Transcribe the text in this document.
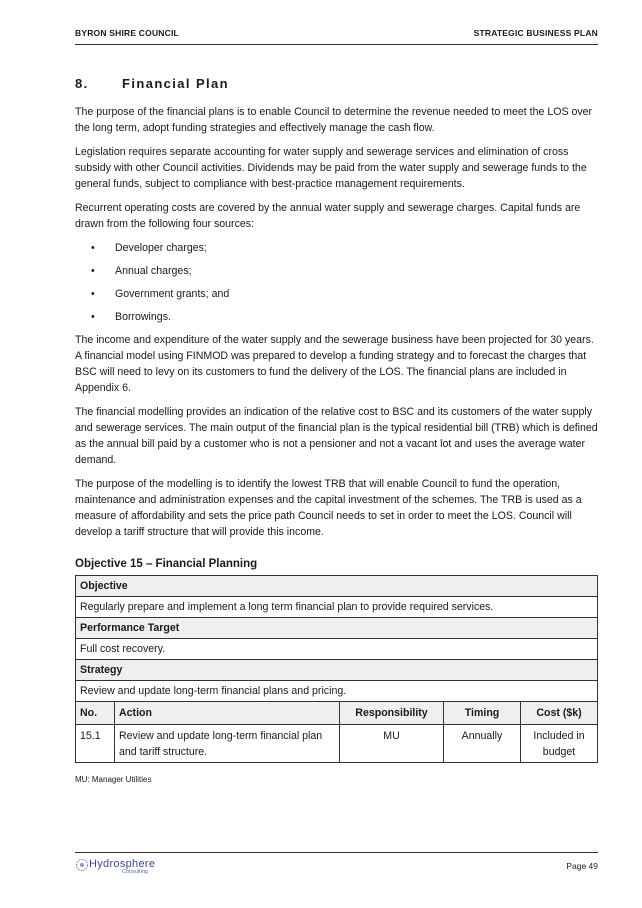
BYRON SHIRE COUNCIL	STRATEGIC BUSINESS PLAN
8.	Financial Plan

The purpose of the financial plans is to enable Council to determine the revenue needed to meet the LOS over the long term, adopt funding strategies and effectively manage the cash flow.

Legislation requires separate accounting for water supply and sewerage services and elimination of cross subsidy with other Council activities. Dividends may be paid from the water supply and sewerage funds to the general funds, subject to compliance with best-practice management requirements.

Recurrent operating costs are covered by the annual water supply and sewerage charges. Capital funds are drawn from the following four sources:

• Developer charges;
• Annual charges;
• Government grants; and
• Borrowings.

The income and expenditure of the water supply and the sewerage business have been projected for 30 years. A financial model using FINMOD was prepared to develop a funding strategy and to forecast the charges that BSC will need to levy on its customers to fund the delivery of the LOS. The financial plans are included in Appendix 6.

The financial modelling provides an indication of the relative cost to BSC and its customers of the water supply and sewerage services. The main output of the financial plan is the typical residential bill (TRB) which is defined as the annual bill paid by a customer who is not a pensioner and not a vacant lot and uses the average water demand.

The purpose of the modelling is to identify the lowest TRB that will enable Council to fund the operation, maintenance and administration expenses and the capital investment of the schemes. The TRB is used as a measure of affordability and sets the price path Council needs to set in order to meet the LOS. Council will develop a tariff structure that will provide this income.

Objective 15 – Financial Planning
Objective				
Regularly prepare and implement a long term financial plan to provide required services.				
Performance Target				
Full cost recovery.				
Strategy				
Review and update long-term financial plans and pricing.				
No.	Action	Responsibility	Timing	Cost ($k)
15.1	Review and update long-term financial plan and tariff structure.	MU	Annually	Included in budget
MU: Manager Utilities
Hydrosphere
Consulting
Page 49
